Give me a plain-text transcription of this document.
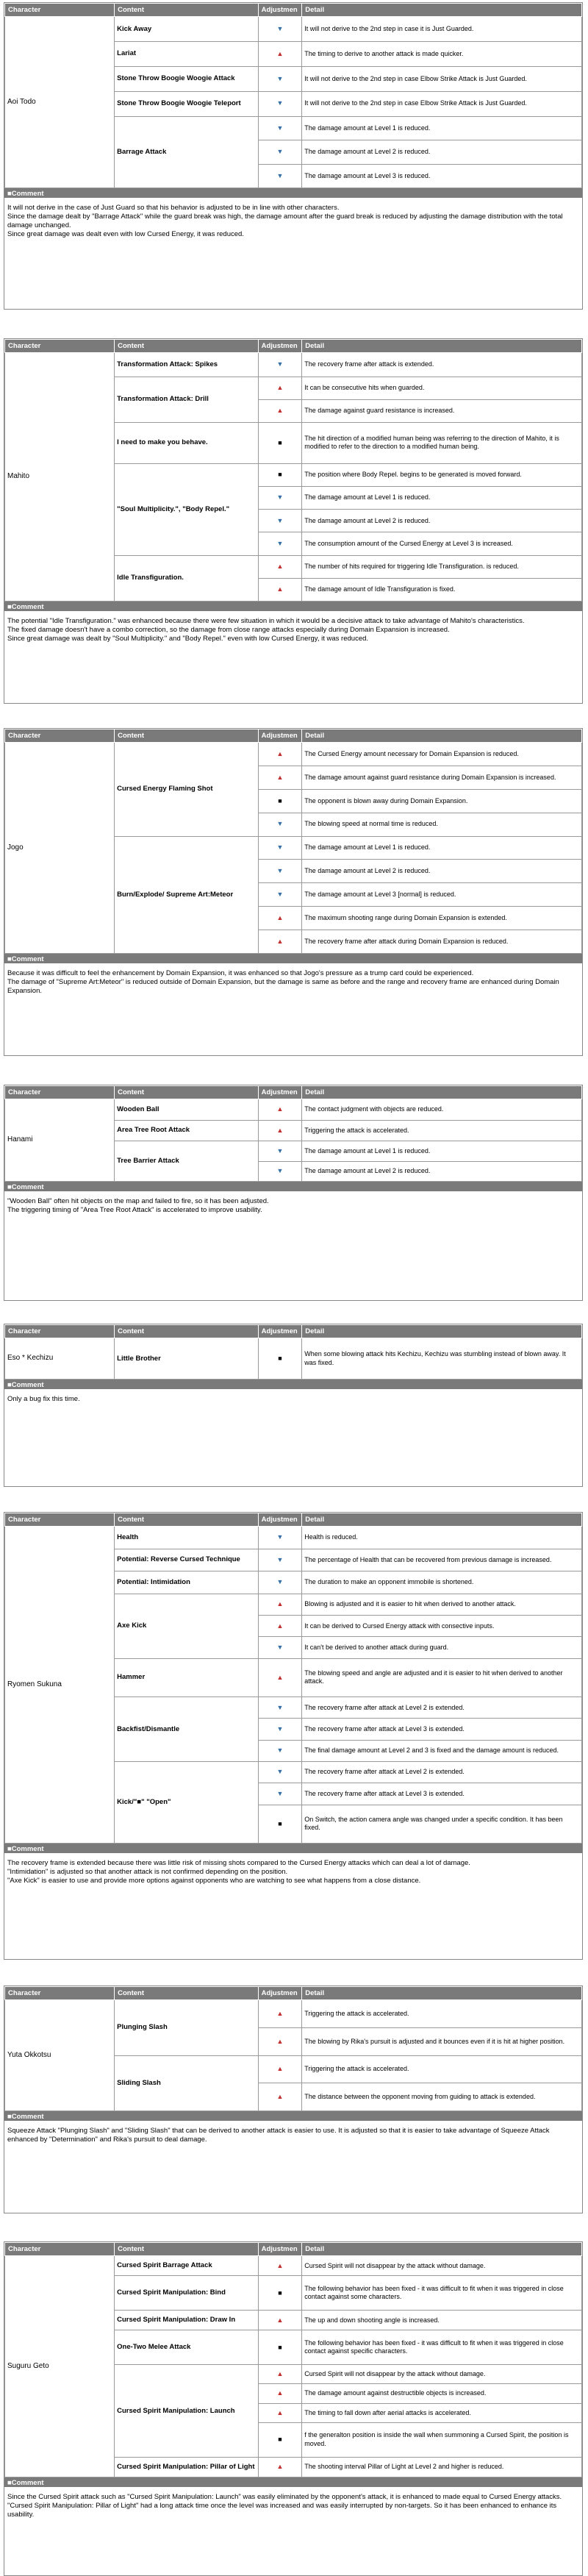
Character	Content	Adjustmen	Detail
Aoi Todo	Kick Away	▼	It will not derive to the 2nd step in case it is Just Guarded.
	Lariat	▲	The timing to derive to another attack is made quicker.
	Stone Throw Boogie Woogie Attack	▼	It will not derive to the 2nd step in case Elbow Strike Attack is Just Guarded.
	Stone Throw Boogie Woogie Teleport	▼	It will not derive to the 2nd step in case Elbow Strike Attack is Just Guarded.
	Barrage Attack	▼	The damage amount at Level 1 is reduced.
		▼	The damage amount at Level 2 is reduced.
		▼	The damage amount at Level 3 is reduced.
■Comment

It will not derive in the case of Just Guard so that his behavior is adjusted to be in line with other characters.

Since the damage dealt by "Barrage Attack" while the guard break was high, the damage amount after the guard break is reduced by adjusting the damage distribution with the total damage unchanged.

Since great damage was dealt even with low Cursed Energy, it was reduced.

Character	Content	Adjustmen	Detail
Mahito	Transformation Attack: Spikes	▼	The recovery frame after attack is extended.
	Transformation Attack: Drill	▲	It can be consecutive hits when guarded.
		▲	The damage against guard resistance is increased.
	I need to make you behave.	■	The hit direction of a modified human being was referring to the direction of Mahito, it is modified to refer to the direction to a modified human being.
	"Soul Multiplicity.", "Body Repel."	■	The position where Body Repel. begins to be generated is moved forward.
		▼	The damage amount at Level 1 is reduced.
		▼	The damage amount at Level 2 is reduced.
		▼	The consumption amount of the Cursed Energy at Level 3 is increased.
	Idle Transfiguration.	▲	The number of hits required for triggering Idle Transfiguration. is reduced.
		▲	The damage amount of Idle Transfiguration is fixed.
■Comment

The potential "Idle Transfiguration." was enhanced because there were few situation in which it would be a decisive attack to take advantage of Mahito's characteristics.

The fixed damage doesn't have a combo correction, so the damage from close range attacks especially during Domain Expansion is increased.

Since great damage was dealt by "Soul Multiplicity." and "Body Repel." even with low Cursed Energy, it was reduced.

Character	Content	Adjustmen	Detail
Jogo	Cursed Energy Flaming Shot	▲	The Cursed Energy amount necessary for Domain Expansion is reduced.
		▲	The damage amount against guard resistance during Domain Expansion is increased.
		■	The opponent is blown away during Domain Expansion.
		▼	The blowing speed at normal time is reduced.
	Burn/Explode/ Supreme Art:Meteor	▼	The damage amount at Level 1 is reduced.
		▼	The damage amount at Level 2 is reduced.
		▼	The damage amount at Level 3 [normal] is reduced.
		▲	The maximum shooting range during Domain Expansion is extended.
		▲	The recovery frame after attack during Domain Expansion is reduced.
■Comment

Because it was difficult to feel the enhancement by Domain Expansion, it was enhanced so that Jogo's pressure as a trump card could be experienced.

The damage of "Supreme Art:Meteor" is reduced outside of Domain Expansion, but the damage is same as before and the range and recovery frame are enhanced during Domain Expansion.

Character	Content	Adjustmen	Detail
Hanami	Wooden Ball	▲	The contact judgment with objects are reduced.
	Area Tree Root Attack	▲	Triggering the attack is accelerated.
	Tree Barrier Attack	▼	The damage amount at Level 1 is reduced.
		▼	The damage amount at Level 2 is reduced.
■Comment

"Wooden Ball" often hit objects on the map and failed to fire, so it has been adjusted.

The triggering timing of "Area Tree Root Attack" is accelerated to improve usability.

Character	Content	Adjustmen	Detail
Eso * Kechizu	Little Brother	■	When some blowing attack hits Kechizu, Kechizu was stumbling instead of blown away. It was fixed.
■Comment

Only a bug fix this time.

Character	Content	Adjustmen	Detail
Ryomen Sukuna	Health	▼	Health is reduced.
	Potential: Reverse Cursed Technique	▼	The percentage of Health that can be recovered from previous damage is increased.
	Potential: Intimidation	▼	The duration to make an opponent immobile is shortened.
	Axe Kick	▲	Blowing is adjusted and it is easier to hit when derived to another attack.
		▲	It can be derived to Cursed Energy attack with consective inputs.
		▼	It can't be derived to another attack during guard.
	Hammer	▲	The blowing speed and angle are adjusted and it is easier to hit when derived to another attack.
	Backfist/Dismantle	▼	The recovery frame after attack at Level 2 is extended.
		▼	The recovery frame after attack at Level 3 is extended.
		▼	The final damage amount at Level 2 and 3 is fixed and the damage amount is reduced.
	Kick/"■" "Open"	▼	The recovery frame after attack at Level 2 is extended.
		▼	The recovery frame after attack at Level 3 is extended.
		■	On Switch, the action camera angle was changed under a specific condition. It has been fixed.
■Comment

The recovery frame is extended because there was little risk of missing shots compared to the Cursed Energy attacks which can deal a lot of damage.

"Intimidation" is adjusted so that another attack is not confirmed depending on the position.

"Axe Kick" is easier to use and provide more options against opponents who are watching to see what happens from a close distance.

Character	Content	Adjustmen	Detail
Yuta Okkotsu	Plunging Slash	▲	Triggering the attack is accelerated.
		▲	The blowing by Rika's pursuit is adjusted and it bounces even if it is hit at higher position.
	Sliding Slash	▲	Triggering the attack is accelerated.
		▲	The distance between the opponent moving from guiding to attack is extended.
■Comment

Squeeze Attack "Plunging Slash" and "Sliding Slash" that can be derived to another attack is easier to use. It is adjusted so that it is easier to take advantage of Squeeze Attack enhanced by "Determination" and Rika's pursuit to deal damage.

Character	Content	Adjustmen	Detail
Suguru Geto	Cursed Spirit Barrage Attack	▲	Cursed Spirit will not disappear by the attack without damage.
	Cursed Spirit Manipulation: Bind	■	The following behavior has been fixed - it was difficult to fit when it was triggered in close contact against some characters.
	Cursed Spirit Manipulation: Draw In	▲	The up and down shooting angle is increased.
	One-Two Melee Attack	■	The following behavior has been fixed - it was difficult to fit when it was triggered in close contact against specific characters.
	Cursed Spirit Manipulation: Launch	▲	Cursed Spirit will not disappear by the attack without damage.
		▲	The damage amount against destructible objects is increased.
		▲	The timing to fall down after aerial attacks is accelerated.
		■	f the generalton position is inside the wall when summoning a Cursed Spirit, the position is moved.
	Cursed Spirit Manipulation: Pillar of Light	▲	The shooting interval Pillar of Light at Level 2 and higher is reduced.
■Comment

Since the Cursed Spirit attack such as "Cursed Spirit Manipulation: Launch" was easily eliminated by the opponent's attack, it is enhanced to made equal to Cursed Energy attacks.

"Cursed Spirit Manipulation: Pillar of Light" had a long attack time once the level was increased and was easily interrupted by non-targets. So it has been enhanced to enhance its usability.
